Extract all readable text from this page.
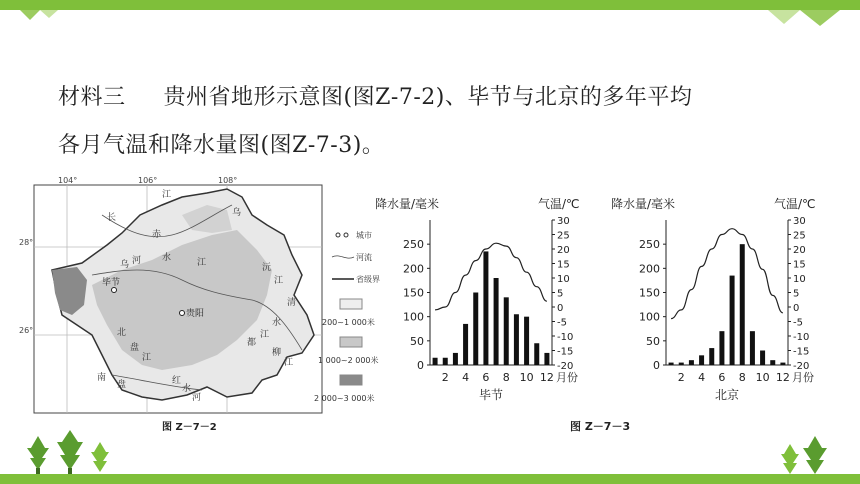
材料三 贵州省地形示意图(图Z-7-2)、毕节与北京的多年平均
各月气温和降水量图(图Z-7-3)。
贵阳
毕节
长
江
乌
赤
水	江
河
乌
清
水
江
北
盘
江
南
盘	红
水
河
都
柳
江
沅
江
104°	106°	108°
28°
26°
城市
河流
省级界
200~1 000米
1 000~2 000米
2 000~3 000米
图 Z－7－2	图 Z－7－3
降水量/毫米	气温/℃
0
50
100
150
200
250
-20
-15
-10
-5
0
5
10
15
20
25
30
2 4 6 8 10 12 月份
毕节
降水量/毫米	气温/℃
0
50
100
150
200
250
-20
-15
-10
-5
0
5
10
15
20
25
30
2 4 6 8 10 12 月份
北京
